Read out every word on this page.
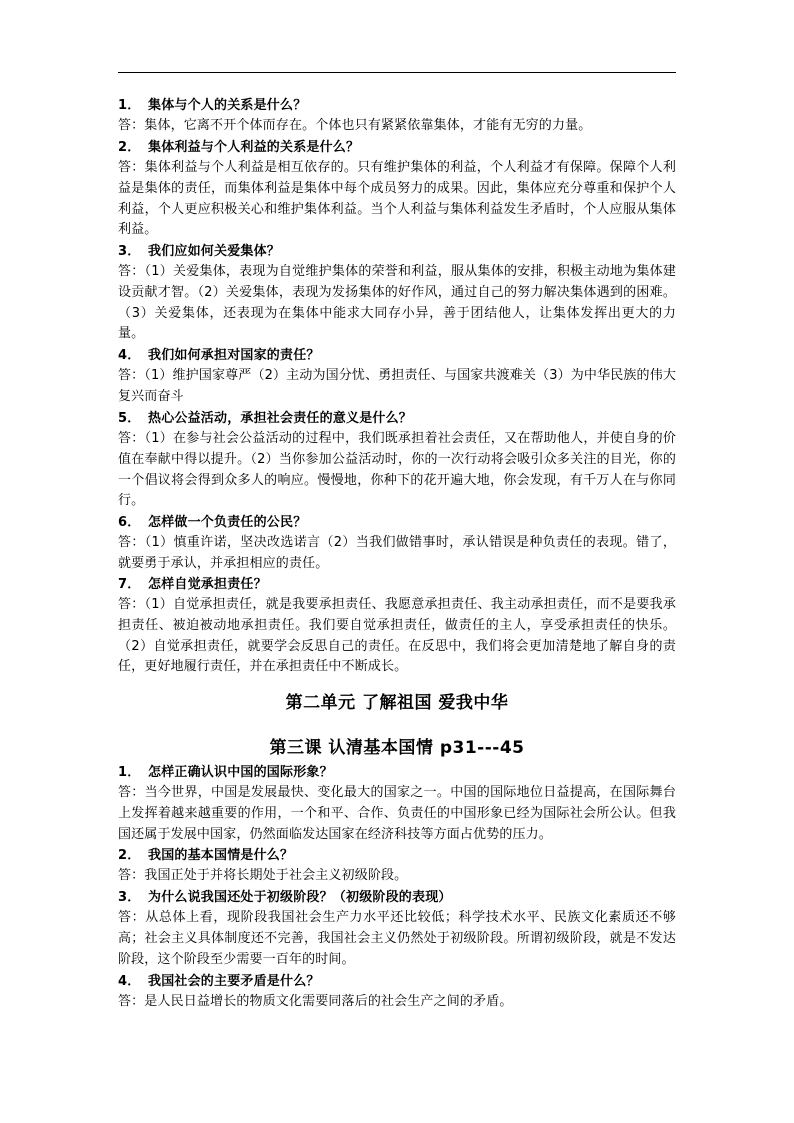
1． 集体与个人的关系是什么？
答：集体，它离不开个体而存在。个体也只有紧紧依靠集体，才能有无穷的力量。
2． 集体利益与个人利益的关系是什么？
答：集体利益与个人利益是相互依存的。只有维护集体的利益，个人利益才有保障。保障个人利益是集体的责任，而集体利益是集体中每个成员努力的成果。因此，集体应充分尊重和保护个人利益，个人更应积极关心和维护集体利益。当个人利益与集体利益发生矛盾时，个人应服从集体利益。
3． 我们应如何关爱集体？
答：（1）关爱集体，表现为自觉维护集体的荣誉和利益，服从集体的安排，积极主动地为集体建设贡献才智。（2）关爱集体，表现为发扬集体的好作风，通过自己的努力解决集体遇到的困难。（3）关爱集体，还表现为在集体中能求大同存小异，善于团结他人，让集体发挥出更大的力量。
4． 我们如何承担对国家的责任？
答：（1）维护国家尊严（2）主动为国分忧、勇担责任、与国家共渡难关（3）为中华民族的伟大复兴而奋斗
5． 热心公益活动，承担社会责任的意义是什么？
答：（1）在参与社会公益活动的过程中，我们既承担着社会责任，又在帮助他人，并使自身的价值在奉献中得以提升。（2）当你参加公益活动时，你的一次行动将会吸引众多关注的目光，你的一个倡议将会得到众多人的响应。慢慢地，你种下的花开遍大地，你会发现，有千万人在与你同行。
6． 怎样做一个负责任的公民？
答：（1）慎重许诺，坚决改选诺言（2）当我们做错事时，承认错误是种负责任的表现。错了，就要勇于承认，并承担相应的责任。
7． 怎样自觉承担责任？
答：（1）自觉承担责任，就是我要承担责任、我愿意承担责任、我主动承担责任，而不是要我承担责任、被迫被动地承担责任。我们要自觉承担责任，做责任的主人，享受承担责任的快乐。（2）自觉承担责任，就要学会反思自己的责任。在反思中，我们将会更加清楚地了解自身的责任，更好地履行责任，并在承担责任中不断成长。
第二单元 了解祖国 爱我中华
第三课 认清基本国情 p31---45
1． 怎样正确认识中国的国际形象？
答：当今世界，中国是发展最快、变化最大的国家之一。中国的国际地位日益提高，在国际舞台上发挥着越来越重要的作用，一个和平、合作、负责任的中国形象已经为国际社会所公认。但我国还属于发展中国家，仍然面临发达国家在经济科技等方面占优势的压力。
2． 我国的基本国情是什么？
答：我国正处于并将长期处于社会主义初级阶段。
3． 为什么说我国还处于初级阶段？（初级阶段的表现）
答：从总体上看，现阶段我国社会生产力水平还比较低；科学技术水平、民族文化素质还不够高；社会主义具体制度还不完善，我国社会主义仍然处于初级阶段。所谓初级阶段，就是不发达阶段，这个阶段至少需要一百年的时间。
4． 我国社会的主要矛盾是什么？
答：是人民日益增长的物质文化需要同落后的社会生产之间的矛盾。
